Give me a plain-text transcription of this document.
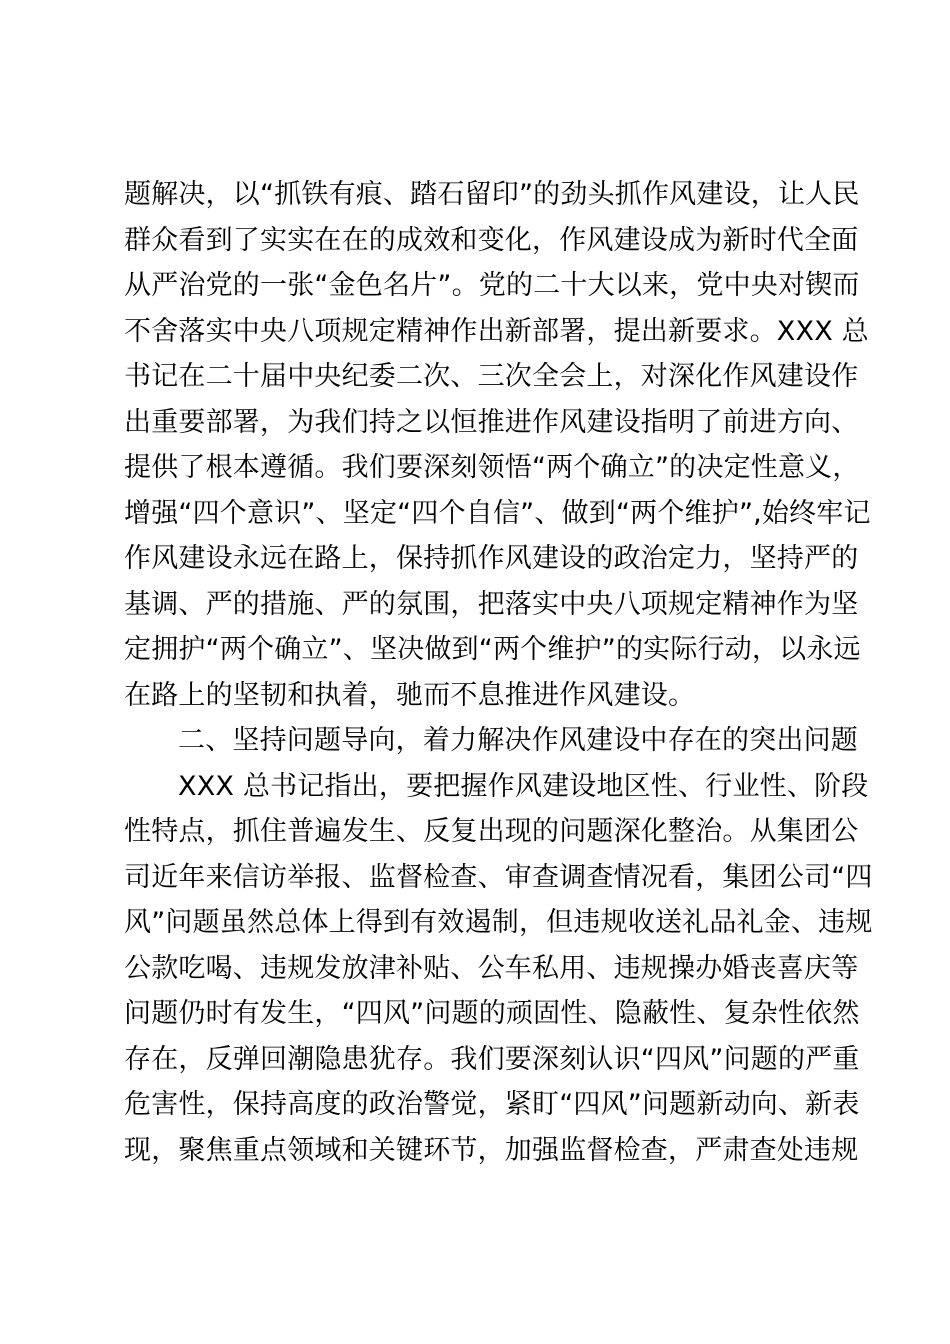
题解决，以“抓铁有痕、踏石留印”的劲头抓作风建设，让人民
群众看到了实实在在的成效和变化，作风建设成为新时代全面
从严治党的一张“金色名片”。党的二十大以来，党中央对锲而
不舍落实中央八项规定精神作出新部署，提出新要求。XXX 总
书记在二十届中央纪委二次、三次全会上，对深化作风建设作
出重要部署，为我们持之以恒推进作风建设指明了前进方向、
提供了根本遵循。我们要深刻领悟“两个确立”的决定性意义，
增强“四个意识”、坚定“四个自信”、做到“两个维护”,始终牢记
作风建设永远在路上，保持抓作风建设的政治定力，坚持严的
基调、严的措施、严的氛围，把落实中央八项规定精神作为坚
定拥护“两个确立”、坚决做到“两个维护”的实际行动，以永远
在路上的坚韧和执着，驰而不息推进作风建设。
二、坚持问题导向，着力解决作风建设中存在的突出问题
XXX 总书记指出，要把握作风建设地区性、行业性、阶段
性特点，抓住普遍发生、反复出现的问题深化整治。从集团公
司近年来信访举报、监督检查、审查调查情况看，集团公司“四
风”问题虽然总体上得到有效遏制，但违规收送礼品礼金、违规
公款吃喝、违规发放津补贴、公车私用、违规操办婚丧喜庆等
问题仍时有发生，“四风”问题的顽固性、隐蔽性、复杂性依然
存在，反弹回潮隐患犹存。我们要深刻认识“四风”问题的严重
危害性，保持高度的政治警觉，紧盯“四风”问题新动向、新表
现，聚焦重点领域和关键环节，加强监督检查，严肃查处违规
